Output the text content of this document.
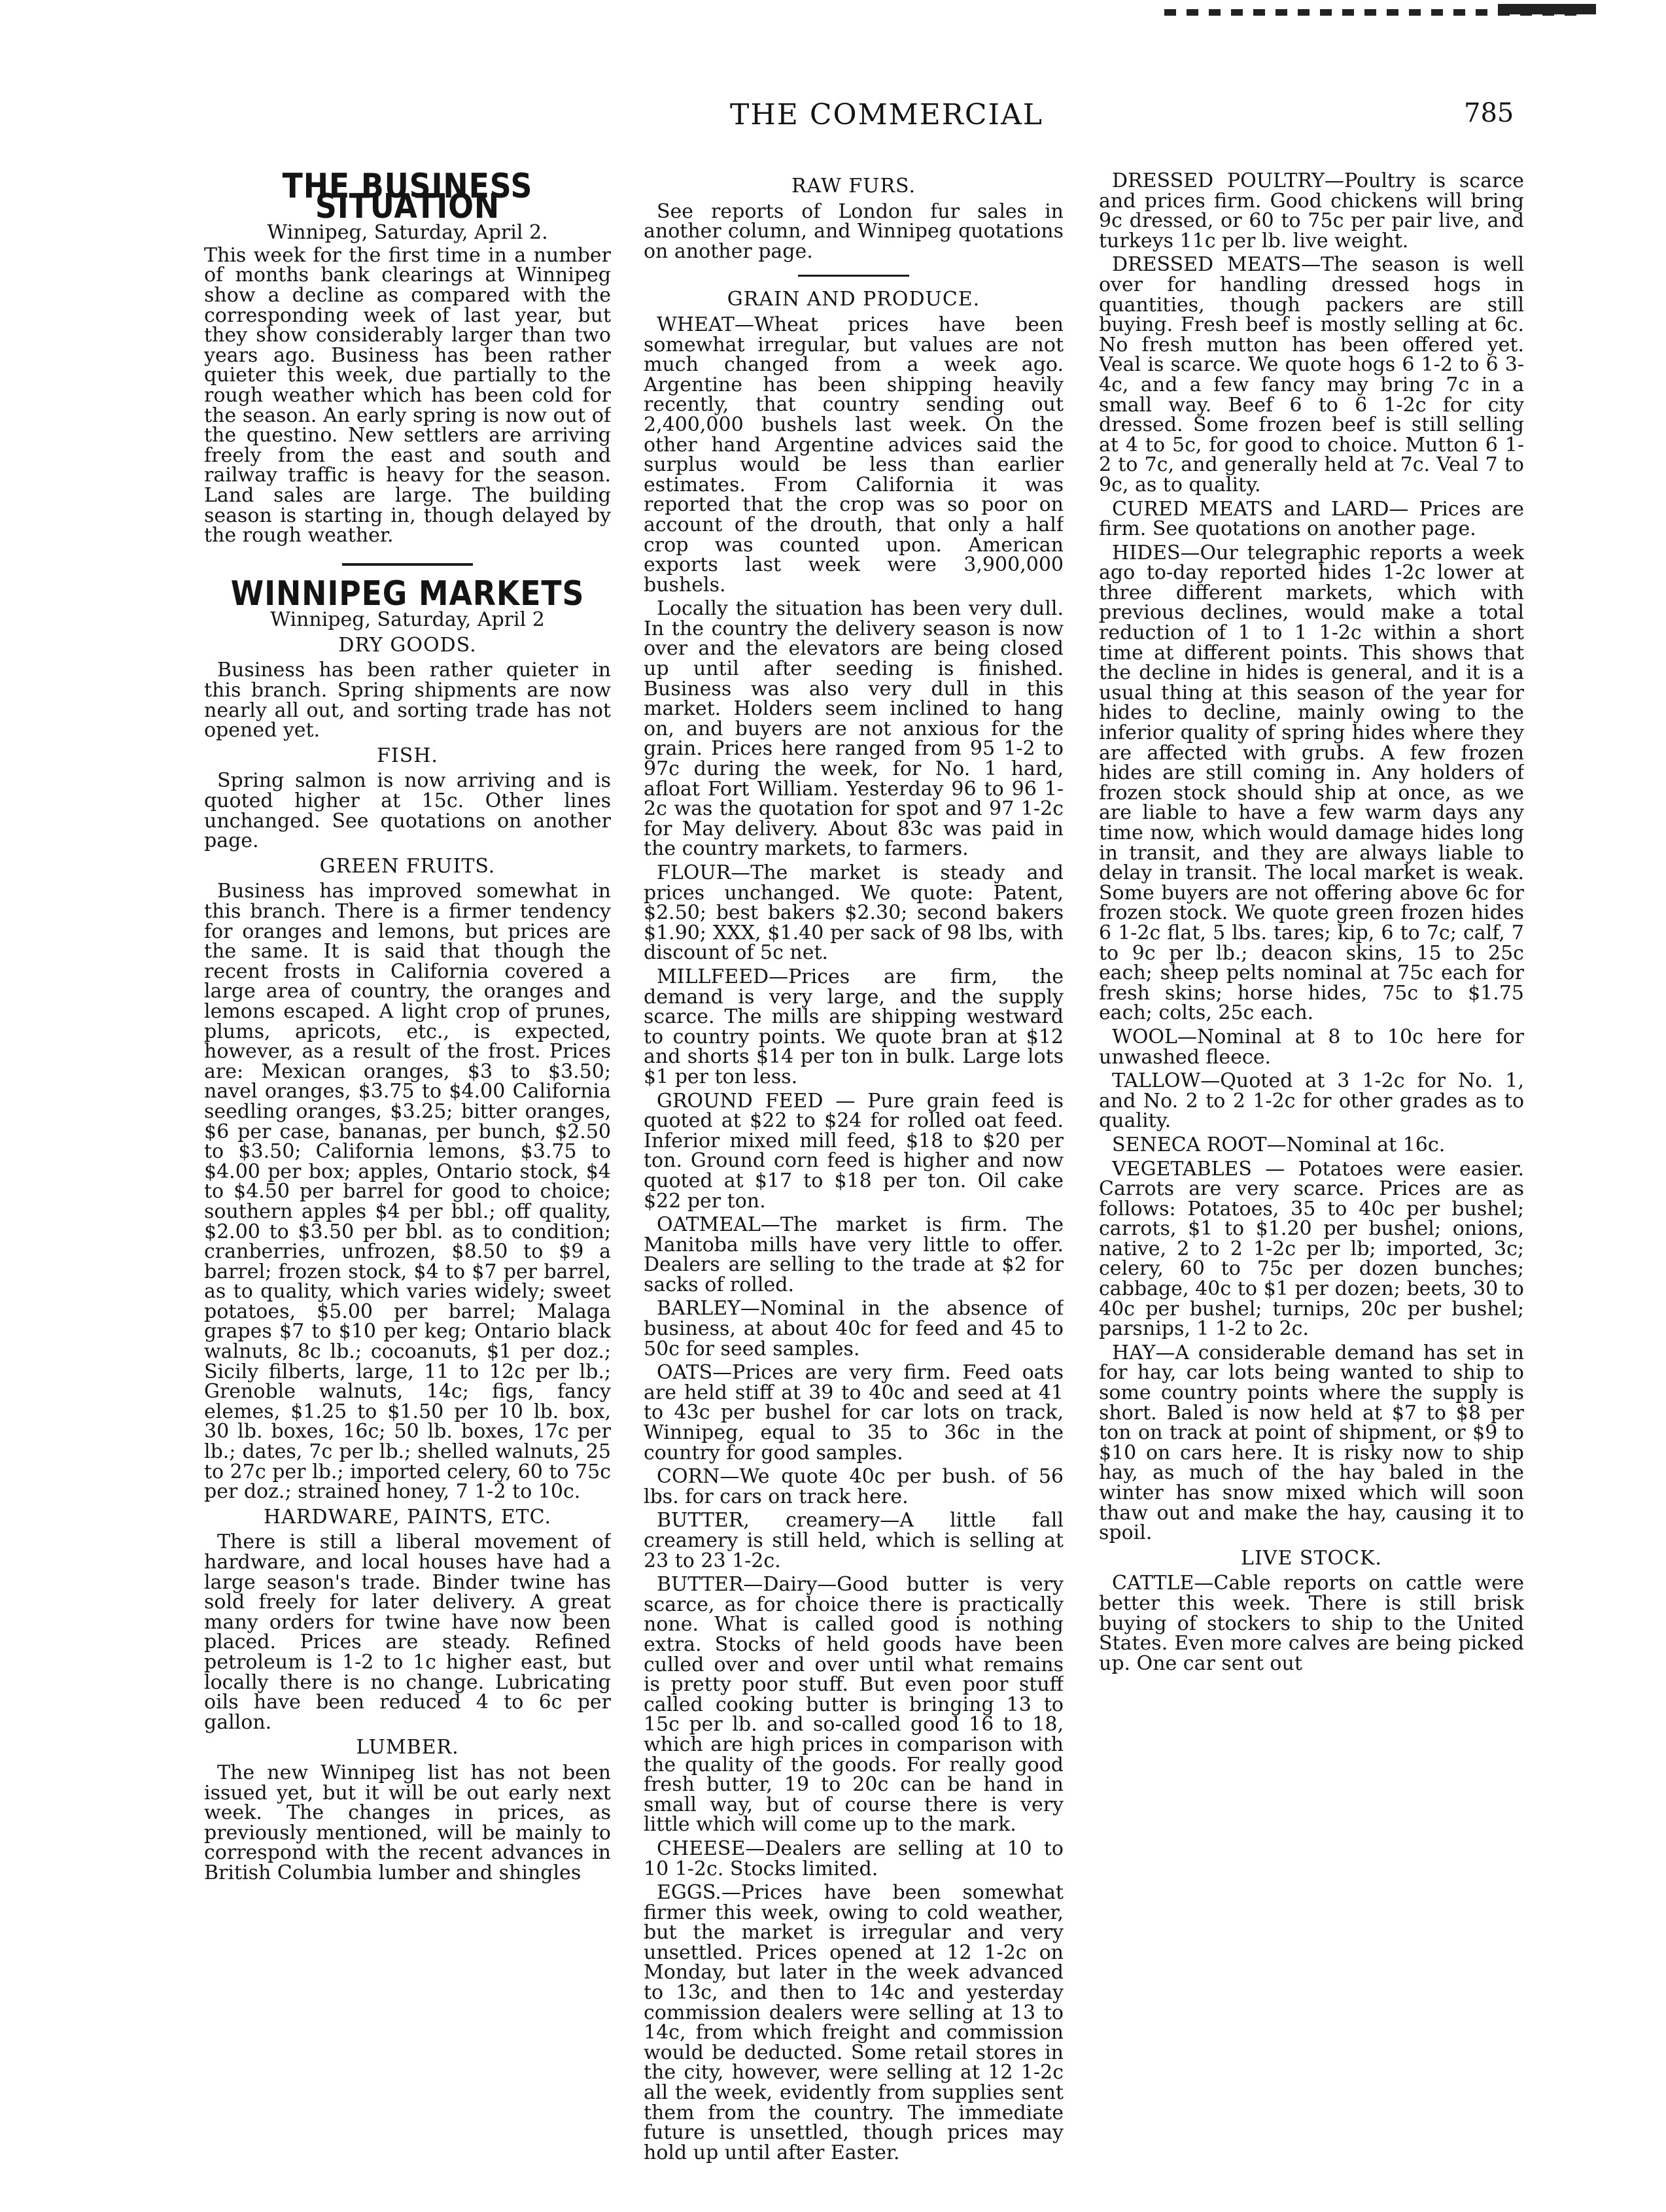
THE COMMERCIAL	785
THE BUSINESS SITUATION
Winnipeg, Saturday, April 2.

This week for the first time in a number of months bank clearings at Winnipeg show a decline as compared with the corresponding week of last year, but they show considerably larger than two years ago. Business has been rather quieter this week, due partially to the rough weather which has been cold for the season. An early spring is now out of the questino. New settlers are arriving freely from the east and south and railway traffic is heavy for the season. Land sales are large. The building season is starting in, though delayed by the rough weather.

WINNIPEG MARKETS
Winnipeg, Saturday, April 2
DRY GOODS.

Business has been rather quieter in this branch. Spring shipments are now nearly all out, and sorting trade has not opened yet.

FISH.

Spring salmon is now arriving and is quoted higher at 15c. Other lines unchanged. See quotations on another page.

GREEN FRUITS.

Business has improved somewhat in this branch. There is a firmer tendency for oranges and lemons, but prices are the same. It is said that though the recent frosts in California covered a large area of country, the oranges and lemons escaped. A light crop of prunes, plums, apricots, etc., is expected, however, as a result of the frost. Prices are: Mexican oranges, $3 to $3.50; navel oranges, $3.75 to $4.00 California seedling oranges, $3.25; bitter oranges, $6 per case, bananas, per bunch, $2.50 to $3.50; California lemons, $3.75 to $4.00 per box; apples, Ontario stock, $4 to $4.50 per barrel for good to choice; southern apples $4 per bbl.; off quality, $2.00 to $3.50 per bbl. as to condition; cranberries, unfrozen, $8.50 to $9 a barrel; frozen stock, $4 to $7 per barrel, as to quality, which varies widely; sweet potatoes, $5.00 per barrel; Malaga grapes $7 to $10 per keg; Ontario black walnuts, 8c lb.; cocoanuts, $1 per doz.; Sicily filberts, large, 11 to 12c per lb.; Grenoble walnuts, 14c; figs, fancy elemes, $1.25 to $1.50 per 10 lb. box, 30 lb. boxes, 16c; 50 lb. boxes, 17c per lb.; dates, 7c per lb.; shelled walnuts, 25 to 27c per lb.; imported celery, 60 to 75c per doz.; strained honey, 7 1-2 to 10c.

HARDWARE, PAINTS, ETC.

There is still a liberal movement of hardware, and local houses have had a large season's trade. Binder twine has sold freely for later delivery. A great many orders for twine have now been placed. Prices are steady. Refined petroleum is 1-2 to 1c higher east, but locally there is no change. Lubricating oils have been reduced 4 to 6c per gallon.

LUMBER.

The new Winnipeg list has not been issued yet, but it will be out early next week. The changes in prices, as previously mentioned, will be mainly to correspond with the recent advances in British Columbia lumber and shingles

RAW FURS.

See reports of London fur sales in another column, and Winnipeg quotations on another page.

GRAIN AND PRODUCE.

WHEAT—Wheat prices have been somewhat irregular, but values are not much changed from a week ago. Argentine has been shipping heavily recently, that country sending out 2,400,000 bushels last week. On the other hand Argentine advices said the surplus would be less than earlier estimates. From California it was reported that the crop was so poor on account of the drouth, that only a half crop was counted upon. American exports last week were 3,900,000 bushels.

Locally the situation has been very dull. In the country the delivery season is now over and the elevators are being closed up until after seeding is finished. Business was also very dull in this market. Holders seem inclined to hang on, and buyers are not anxious for the grain. Prices here ranged from 95 1-2 to 97c during the week, for No. 1 hard, afloat Fort William. Yesterday 96 to 96 1-2c was the quotation for spot and 97 1-2c for May delivery. About 83c was paid in the country markets, to farmers.

FLOUR—The market is steady and prices unchanged. We quote: Patent, $2.50; best bakers $2.30; second bakers $1.90; XXX, $1.40 per sack of 98 lbs, with discount of 5c net.

MILLFEED—Prices are firm, the demand is very large, and the supply scarce. The mills are shipping westward to country points. We quote bran at $12 and shorts $14 per ton in bulk. Large lots $1 per ton less.

GROUND FEED — Pure grain feed is quoted at $22 to $24 for rolled oat feed. Inferior mixed mill feed, $18 to $20 per ton. Ground corn feed is higher and now quoted at $17 to $18 per ton. Oil cake $22 per ton.

OATMEAL—The market is firm. The Manitoba mills have very little to offer. Dealers are selling to the trade at $2 for sacks of rolled.

BARLEY—Nominal in the absence of business, at about 40c for feed and 45 to 50c for seed samples.

OATS—Prices are very firm. Feed oats are held stiff at 39 to 40c and seed at 41 to 43c per bushel for car lots on track, Winnipeg, equal to 35 to 36c in the country for good samples.

CORN—We quote 40c per bush. of 56 lbs. for cars on track here.

BUTTER, creamery—A little fall creamery is still held, which is selling at 23 to 23 1-2c.

BUTTER—Dairy—Good butter is very scarce, as for choice there is practically none. What is called good is nothing extra. Stocks of held goods have been culled over and over until what remains is pretty poor stuff. But even poor stuff called cooking butter is bringing 13 to 15c per lb. and so-called good 16 to 18, which are high prices in comparison with the quality of the goods. For really good fresh butter, 19 to 20c can be hand in small way, but of course there is very little which will come up to the mark.

CHEESE—Dealers are selling at 10 to 10 1-2c. Stocks limited.

EGGS.—Prices have been somewhat firmer this week, owing to cold weather, but the market is irregular and very unsettled. Prices opened at 12 1-2c on Monday, but later in the week advanced to 13c, and then to 14c and yesterday commission dealers were selling at 13 to 14c, from which freight and commission would be deducted. Some retail stores in the city, however, were selling at 12 1-2c all the week, evidently from supplies sent them from the country. The immediate future is unsettled, though prices may hold up until after Easter.

DRESSED POULTRY—Poultry is scarce and prices firm. Good chickens will bring 9c dressed, or 60 to 75c per pair live, and turkeys 11c per lb. live weight.

DRESSED MEATS—The season is well over for handling dressed hogs in quantities, though packers are still buying. Fresh beef is mostly selling at 6c. No fresh mutton has been offered yet. Veal is scarce. We quote hogs 6 1-2 to 6 3-4c, and a few fancy may bring 7c in a small way. Beef 6 to 6 1-2c for city dressed. Some frozen beef is still selling at 4 to 5c, for good to choice. Mutton 6 1-2 to 7c, and generally held at 7c. Veal 7 to 9c, as to quality.

CURED MEATS and LARD— Prices are firm. See quotations on another page.

HIDES—Our telegraphic reports a week ago to-day reported hides 1-2c lower at three different markets, which with previous declines, would make a total reduction of 1 to 1 1-2c within a short time at different points. This shows that the decline in hides is general, and it is a usual thing at this season of the year for hides to decline, mainly owing to the inferior quality of spring hides where they are affected with grubs. A few frozen hides are still coming in. Any holders of frozen stock should ship at once, as we are liable to have a few warm days any time now, which would damage hides long in transit, and they are always liable to delay in transit. The local market is weak. Some buyers are not offering above 6c for frozen stock. We quote green frozen hides 6 1-2c flat, 5 lbs. tares; kip, 6 to 7c; calf, 7 to 9c per lb.; deacon skins, 15 to 25c each; sheep pelts nominal at 75c each for fresh skins; horse hides, 75c to $1.75 each; colts, 25c each.

WOOL—Nominal at 8 to 10c here for unwashed fleece.

TALLOW—Quoted at 3 1-2c for No. 1, and No. 2 to 2 1-2c for other grades as to quality.

SENECA ROOT—Nominal at 16c.

VEGETABLES — Potatoes were easier. Carrots are very scarce. Prices are as follows: Potatoes, 35 to 40c per bushel; carrots, $1 to $1.20 per bushel; onions, native, 2 to 2 1-2c per lb; imported, 3c; celery, 60 to 75c per dozen bunches; cabbage, 40c to $1 per dozen; beets, 30 to 40c per bushel; turnips, 20c per bushel; parsnips, 1 1-2 to 2c.

HAY—A considerable demand has set in for hay, car lots being wanted to ship to some country points where the supply is short. Baled is now held at $7 to $8 per ton on track at point of shipment, or $9 to $10 on cars here. It is risky now to ship hay, as much of the hay baled in the winter has snow mixed which will soon thaw out and make the hay, causing it to spoil.

LIVE STOCK.

CATTLE—Cable reports on cattle were better this week. There is still brisk buying of stockers to ship to the United States. Even more calves are being picked up. One car sent out
